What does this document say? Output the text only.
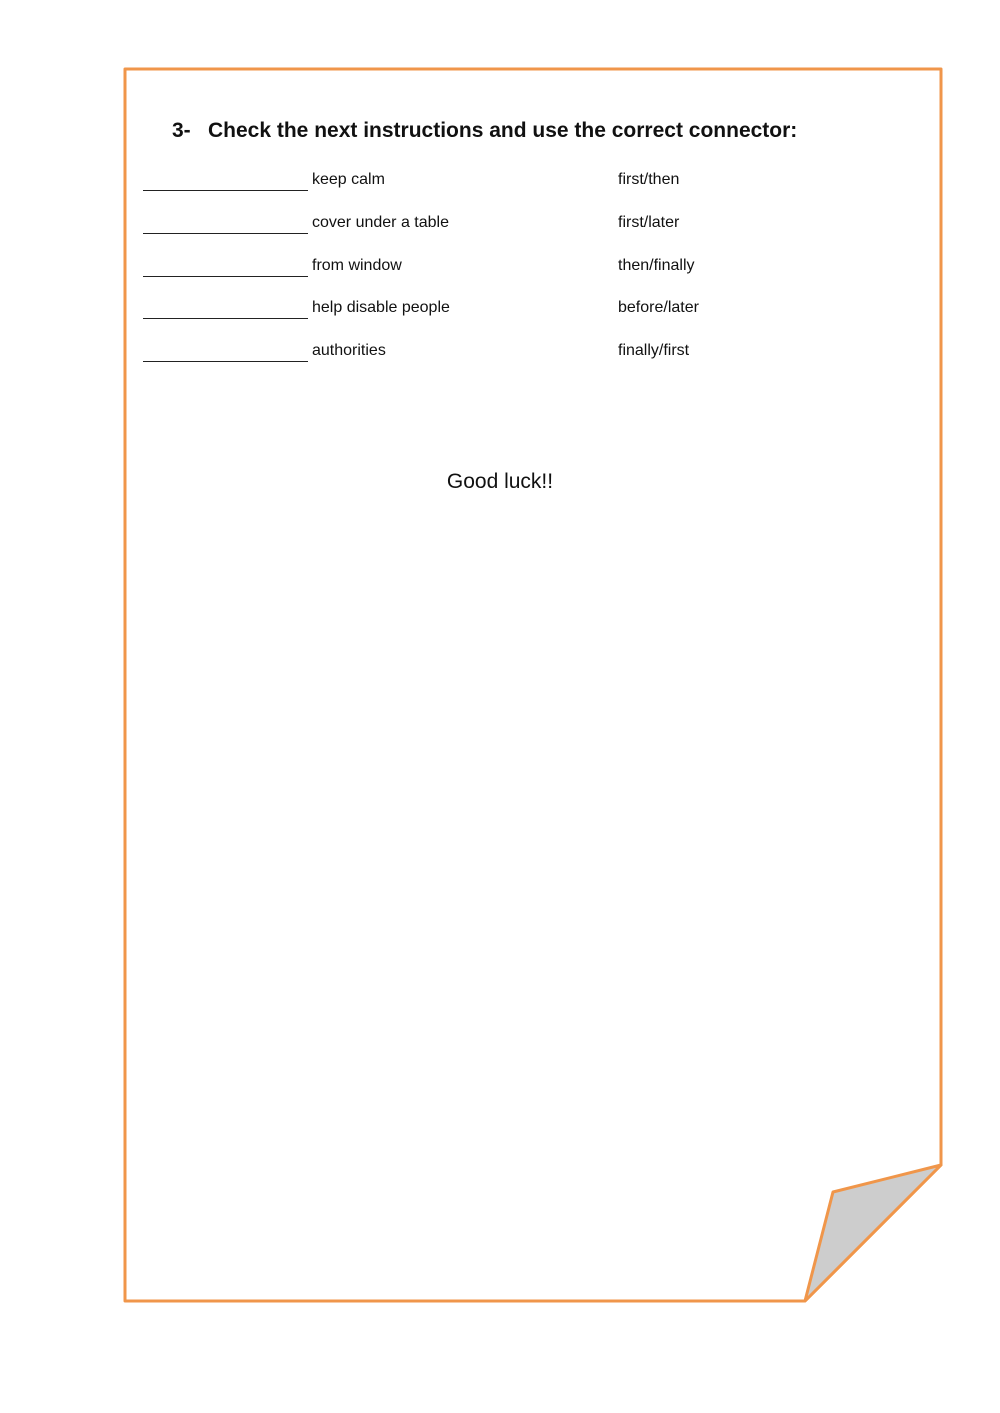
3- Check the next instructions and use the correct connector:
keep calm	first/then
cover under a table	first/later
from window	then/finally
help disable people	before/later
authorities	finally/first
Good luck!!
